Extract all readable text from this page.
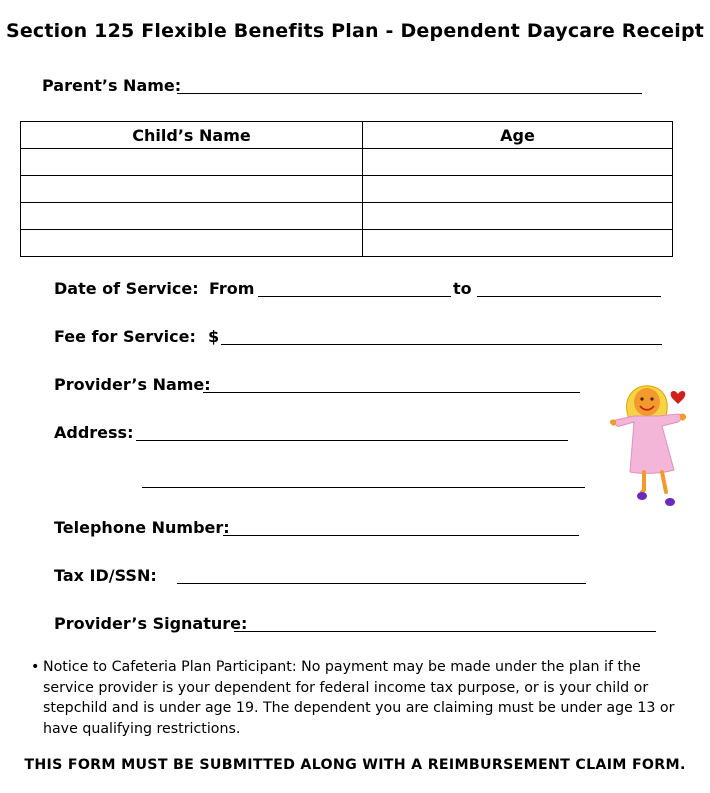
Section 125 Flexible Benefits Plan - Dependent Daycare Receipt
Parent’s Name:
Child’s Name	Age

Date of Service: From	to
Fee for Service: $
Provider’s Name:
Address:
Telephone Number:
Tax ID/SSN:
Provider’s Signature:
• Notice to Cafeteria Plan Participant: No payment may be made under the plan if the service provider is your dependent for federal income tax purpose, or is your child or stepchild and is under age 19. The dependent you are claiming must be under age 13 or have qualifying restrictions.
THIS FORM MUST BE SUBMITTED ALONG WITH A REIMBURSEMENT CLAIM FORM.
